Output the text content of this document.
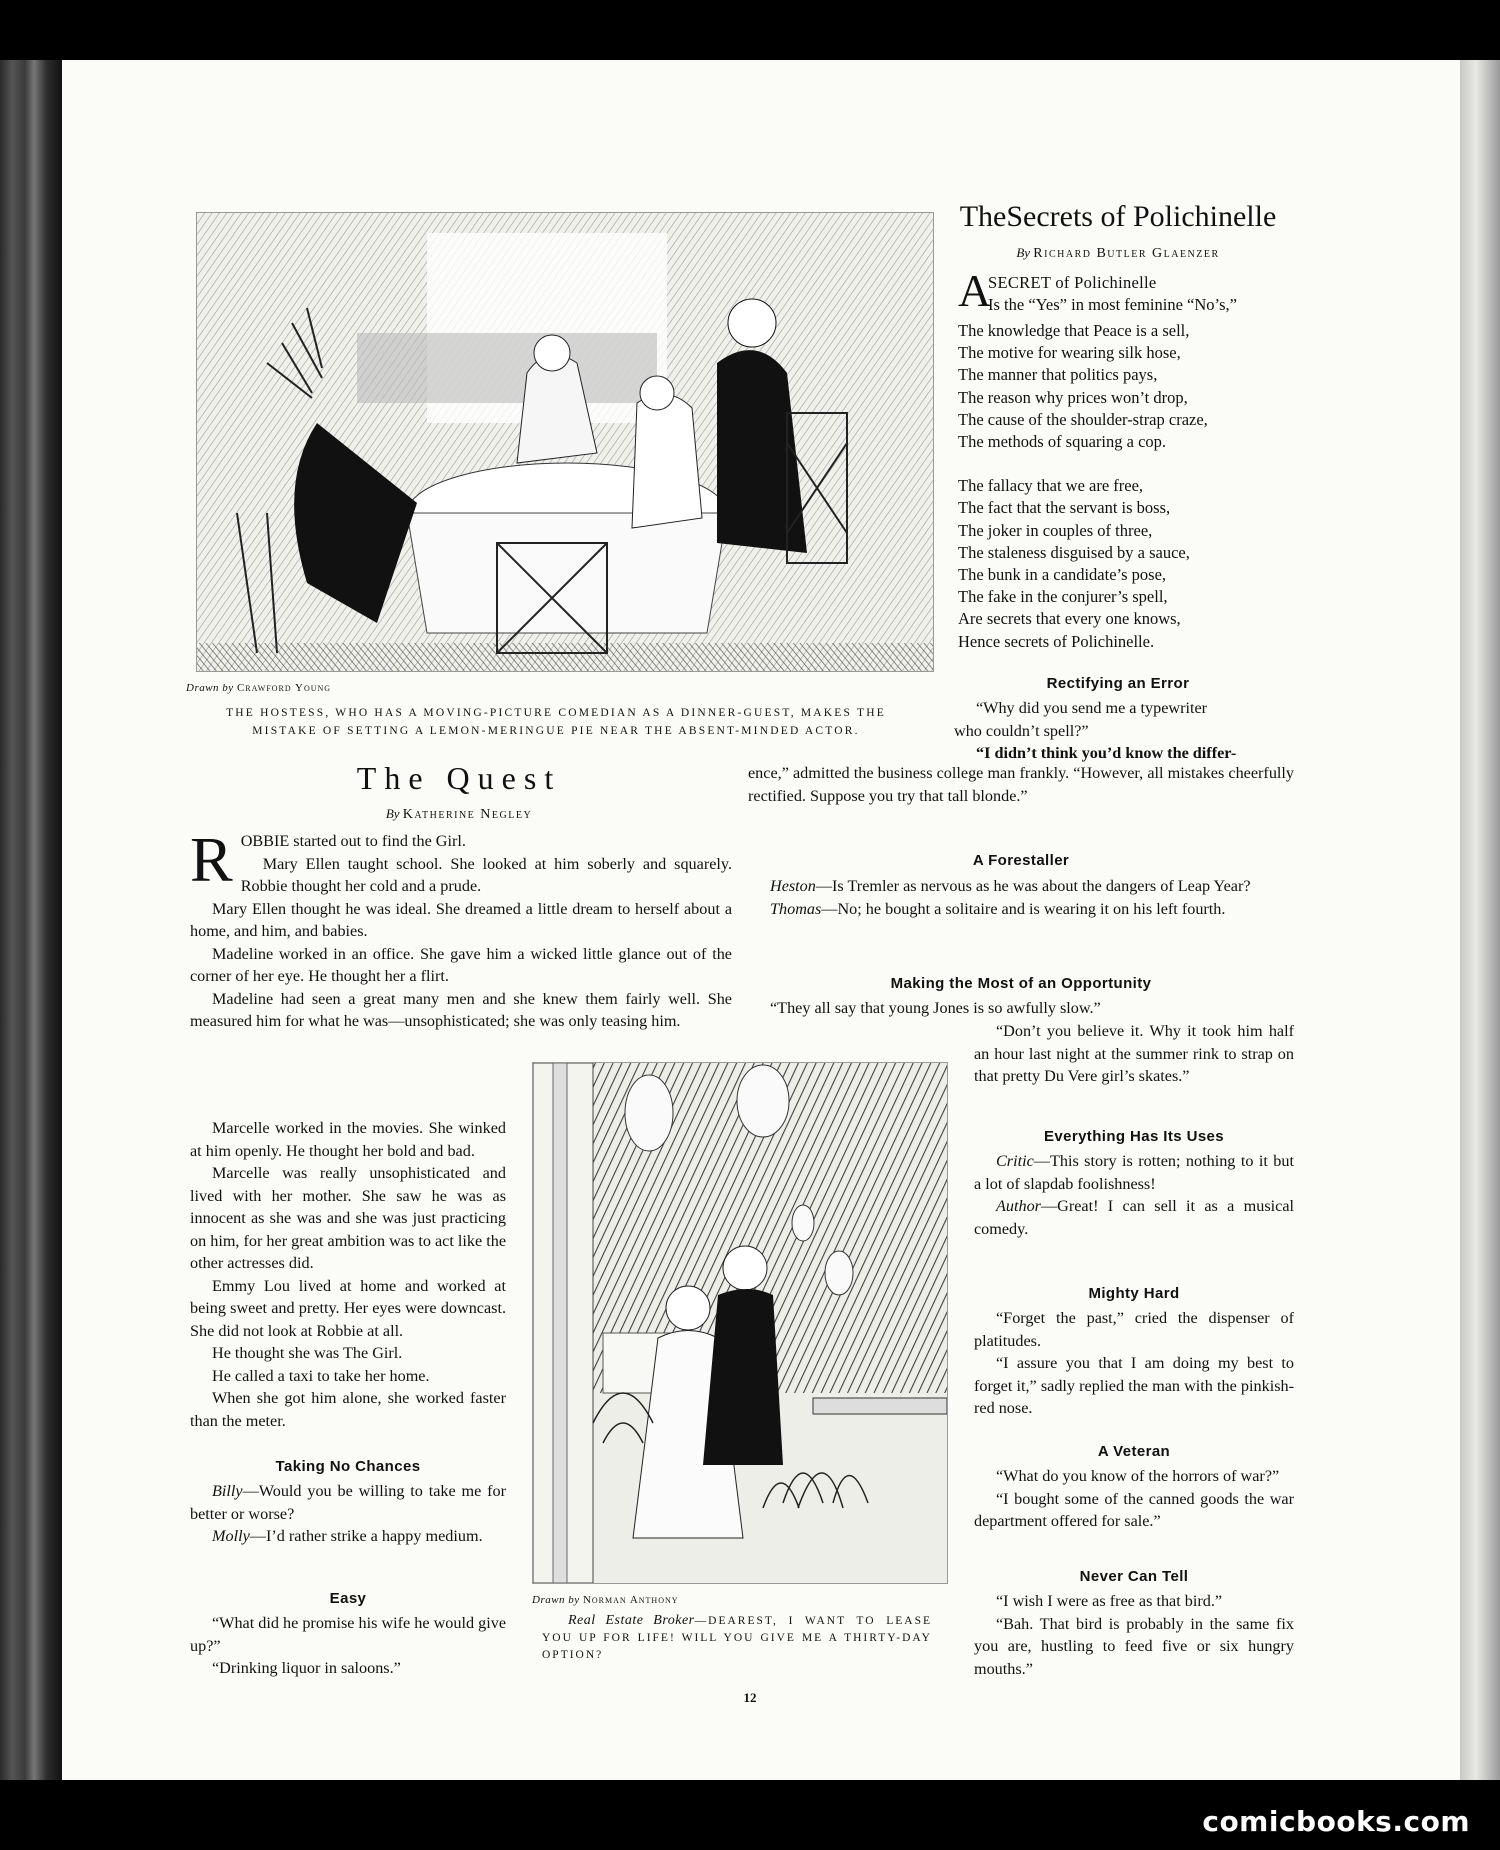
Drawn by Crawford Young
THE HOSTESS, WHO HAS A MOVING-PICTURE COMEDIAN AS A DINNER-GUEST, MAKES THE MISTAKE OF SETTING A LEMON-MERINGUE PIE NEAR THE ABSENT-MINDED ACTOR.
TheSecrets of Polichinelle
By Richard Butler Glaenzer
A
SECRET of Polichinelle
Is the “Yes” in most feminine “No’s,”

The knowledge that Peace is a sell,

The motive for wearing silk hose,

The manner that politics pays,

The reason why prices won’t drop,

The cause of the shoulder-strap craze,

The methods of squaring a cop.

The fallacy that we are free,

The fact that the servant is boss,

The joker in couples of three,

The staleness disguised by a sauce,

The bunk in a candidate’s pose,

The fake in the conjurer’s spell,

Are secrets that every one knows,

Hence secrets of Polichinelle.

Rectifying an Error

“Why did you send me a typewriter

who couldn’t spell?”

“I didn’t think you’d know the differ-

ence,” admitted the business college man frankly. “However, all mistakes cheerfully rectified. Suppose you try that tall blonde.”
A Forestaller

Heston—Is Tremler as nervous as he was about the dangers of Leap Year?

Thomas—No; he bought a solitaire and is wearing it on his left fourth.

Making the Most of an Opportunity

“They all say that young Jones is so awfully slow.”

“Don’t you believe it. Why it took him half an hour last night at the summer rink to strap on that pretty Du Vere girl’s skates.”

Everything Has Its Uses

Critic—This story is rotten; nothing to it but a lot of slapdab foolishness!

Author—Great! I can sell it as a musical comedy.

Mighty Hard

“Forget the past,” cried the dispenser of platitudes.

“I assure you that I am doing my best to forget it,” sadly replied the man with the pinkish-red nose.

A Veteran

“What do you know of the horrors of war?”

“I bought some of the canned goods the war department offered for sale.”

Never Can Tell

“I wish I were as free as that bird.”

“Bah. That bird is probably in the same fix you are, hustling to feed five or six hungry mouths.”

The Quest
By Katherine Negley
R OBBIE started out to find the Girl.

Mary Ellen taught school. She looked at him soberly and squarely. Robbie thought her cold and a prude.

Mary Ellen thought he was ideal. She dreamed a little dream to herself about a home, and him, and babies.

Madeline worked in an office. She gave him a wicked little glance out of the corner of her eye. He thought her a flirt.

Madeline had seen a great many men and she knew them fairly well. She measured him for what he was—unsophisticated; she was only teasing him.

Marcelle worked in the movies. She winked at him openly. He thought her bold and bad.

Marcelle was really unsophisticated and lived with her mother. She saw he was as innocent as she was and she was just practicing on him, for her great ambition was to act like the other actresses did.

Emmy Lou lived at home and worked at being sweet and pretty. Her eyes were downcast. She did not look at Robbie at all.

He thought she was The Girl.

He called a taxi to take her home.

When she got him alone, she worked faster than the meter.

Taking No Chances

Billy—Would you be willing to take me for better or worse?

Molly—I’d rather strike a happy medium.

Easy

“What did he promise his wife he would give up?”

“Drinking liquor in saloons.”

Drawn by Norman Anthony
Real Estate Broker—DEAREST, I WANT TO LEASE YOU UP FOR LIFE! WILL YOU GIVE ME A THIRTY-DAY OPTION?
12
comicbooks.com
